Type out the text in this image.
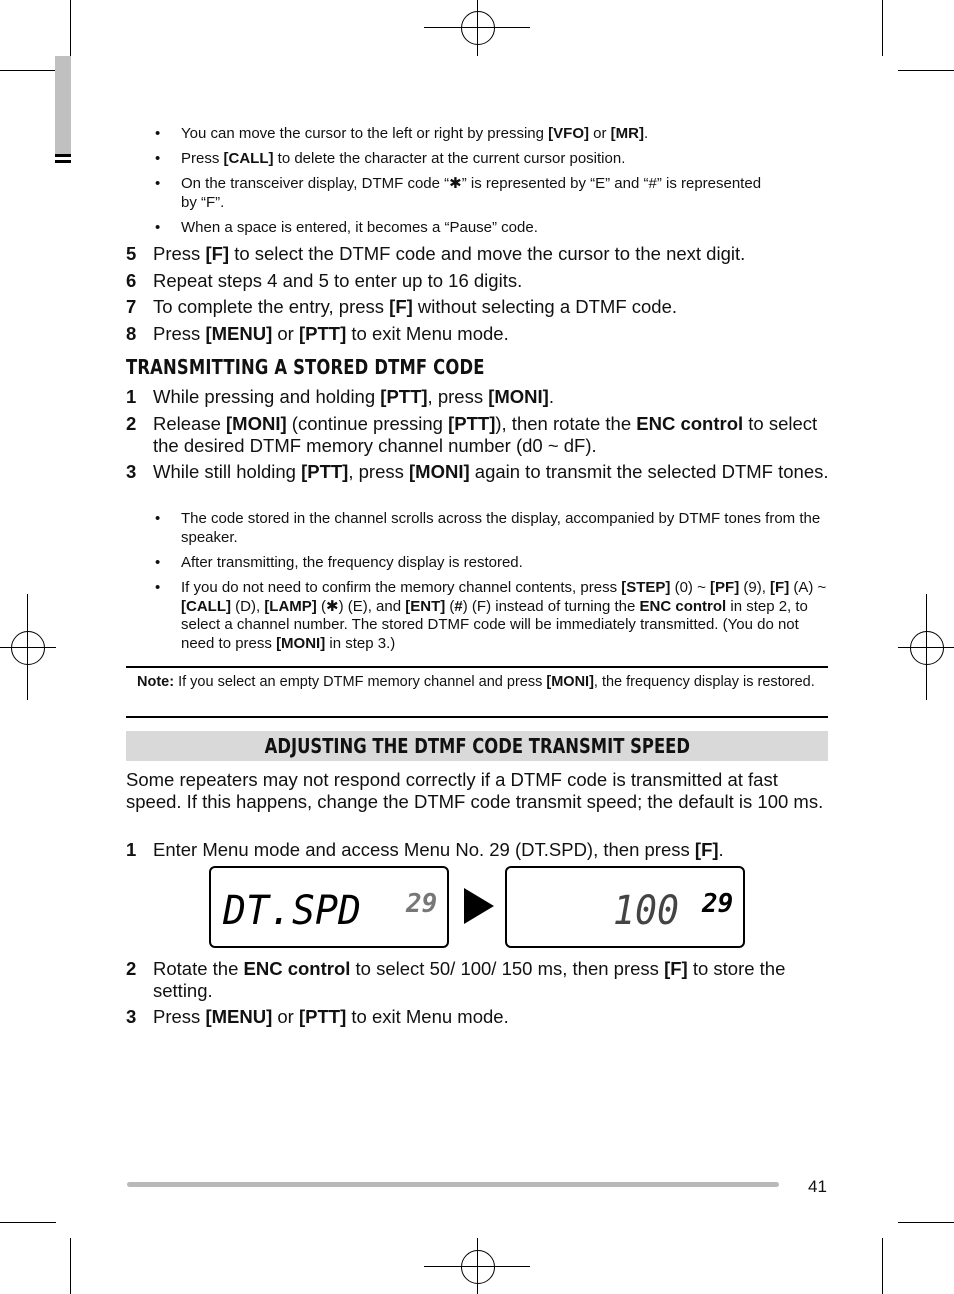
• You can move the cursor to the left or right by pressing [VFO] or [MR].
• Press [CALL] to delete the character at the current cursor position.
• On the transceiver display, DTMF code “✱” is represented by “E” and “#” is represented by “F”.
• When a space is entered, it becomes a “Pause” code.
5 Press [F] to select the DTMF code and move the cursor to the next digit.
6 Repeat steps 4 and 5 to enter up to 16 digits.
7 To complete the entry, press [F] without selecting a DTMF code.
8 Press [MENU] or [PTT] to exit Menu mode.
TRANSMITTING A STORED DTMF CODE
1 While pressing and holding [PTT], press [MONI].
2 Release [MONI] (continue pressing [PTT]), then rotate the ENC control to select the desired DTMF memory channel number (d0 ~ dF).
3 While still holding [PTT], press [MONI] again to transmit the selected DTMF tones.
• The code stored in the channel scrolls across the display, accompanied by DTMF tones from the speaker.
• After transmitting, the frequency display is restored.
• If you do not need to confirm the memory channel contents, press [STEP] (0) ~ [PF] (9), [F] (A) ~ [CALL] (D), [LAMP] (✱) (E), and [ENT] (#) (F) instead of turning the ENC control in step 2, to select a channel number. The stored DTMF code will be immediately transmitted. (You do not need to press [MONI] in step 3.)
Note: If you select an empty DTMF memory channel and press [MONI], the frequency display is restored.
ADJUSTING THE DTMF CODE TRANSMIT SPEED
Some repeaters may not respond correctly if a DTMF code is transmitted at fast speed. If this happens, change the DTMF code transmit speed; the default is 100 ms.
1 Enter Menu mode and access Menu No. 29 (DT.SPD), then press [F].
DT.SPD 29	100 29
2 Rotate the ENC control to select 50/ 100/ 150 ms, then press [F] to store the setting.
3 Press [MENU] or [PTT] to exit Menu mode.
41
